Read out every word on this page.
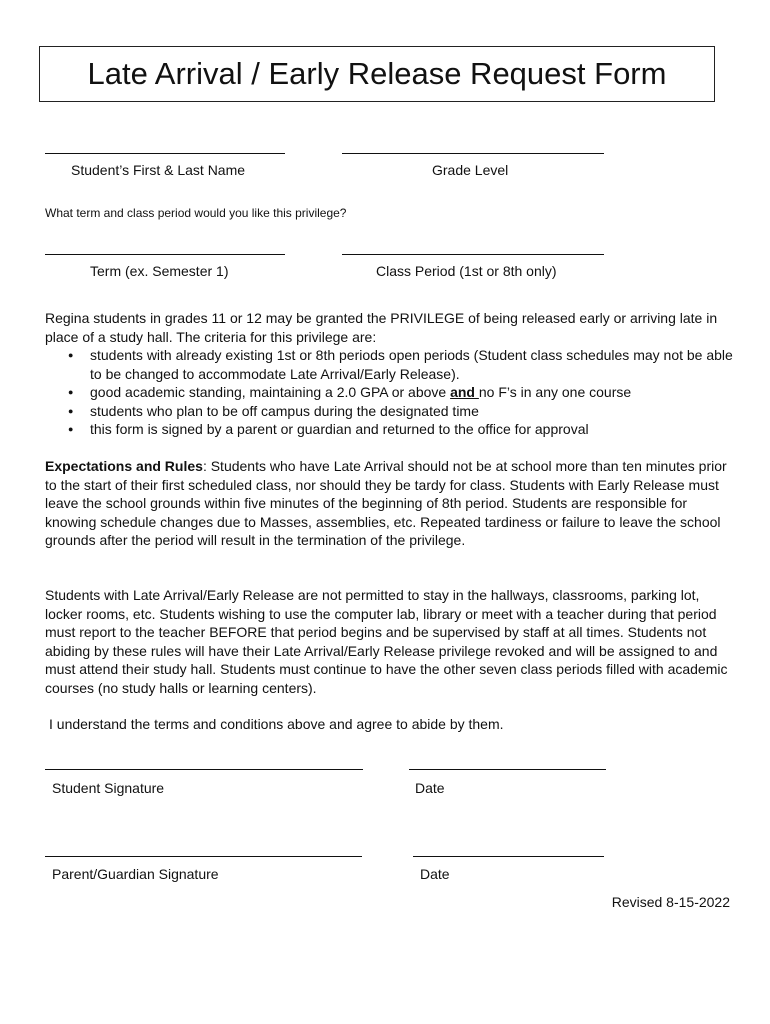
Late Arrival / Early Release Request Form
Student’s First & Last Name	Grade Level
What term and class period would you like this privilege?
Term (ex. Semester 1)	Class Period (1st or 8th only)

Regina students in grades 11 or 12 may be granted the PRIVILEGE of being released early or arriving late in place of a study hall. The criteria for this privilege are:

● students with already existing 1st or 8th periods open periods (Student class schedules may not be able to be changed to accommodate Late Arrival/Early Release).
● good academic standing, maintaining a 2.0 GPA or above and no F’s in any one course
● students who plan to be off campus during the designated time
● this form is signed by a parent or guardian and returned to the office for approval

Expectations and Rules: Students who have Late Arrival should not be at school more than ten minutes prior to the start of their first scheduled class, nor should they be tardy for class. Students with Early Release must leave the school grounds within five minutes of the beginning of 8th period. Students are responsible for knowing schedule changes due to Masses, assemblies, etc. Repeated tardiness or failure to leave the school grounds after the period will result in the termination of the privilege.

Students with Late Arrival/Early Release are not permitted to stay in the hallways, classrooms, parking lot, locker rooms, etc. Students wishing to use the computer lab, library or meet with a teacher during that period must report to the teacher BEFORE that period begins and be supervised by staff at all times. Students not abiding by these rules will have their Late Arrival/Early Release privilege revoked and will be assigned to and must attend their study hall. Students must continue to have the other seven class periods filled with academic courses (no study halls or learning centers).

I understand the terms and conditions above and agree to abide by them.
Student Signature	Date
Parent/Guardian Signature	Date
Revised 8-15-2022
